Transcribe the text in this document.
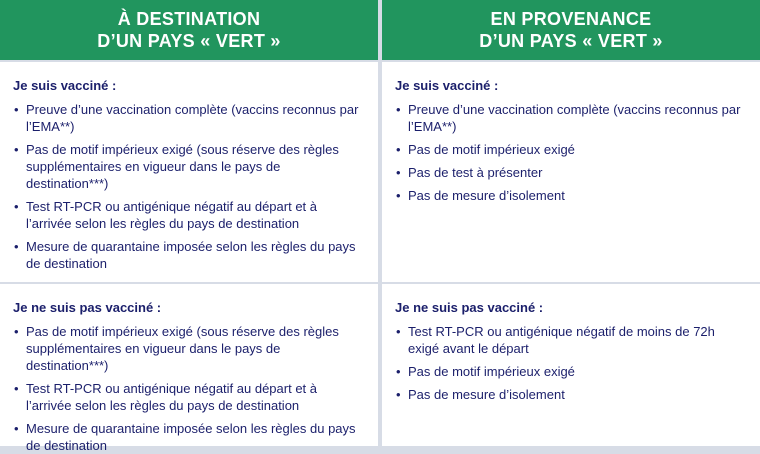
À DESTINATION
D’UN PAYS « VERT »
EN PROVENANCE
D’UN PAYS « VERT »
Je suis vacciné :
• Preuve d’une vaccination complète (vaccins reconnus par l’EMA**)
• Pas de motif impérieux exigé (sous réserve des règles supplémentaires en vigueur dans le pays de destination***)
• Test RT-PCR ou antigénique négatif au départ et à l’arrivée selon les règles du pays de destination
• Mesure de quarantaine imposée selon les règles du pays de destination
Je suis vacciné :
• Preuve d’une vaccination complète (vaccins reconnus par l’EMA**)
• Pas de motif impérieux exigé
• Pas de test à présenter
• Pas de mesure d’isolement
Je ne suis pas vacciné :
• Pas de motif impérieux exigé (sous réserve des règles supplémentaires en vigueur dans le pays de destination***)
• Test RT-PCR ou antigénique négatif au départ et à l’arrivée selon les règles du pays de destination
• Mesure de quarantaine imposée selon les règles du pays de destination
Je ne suis pas vacciné :
• Test RT-PCR ou antigénique négatif de moins de 72h exigé avant le départ
• Pas de motif impérieux exigé
• Pas de mesure d’isolement
